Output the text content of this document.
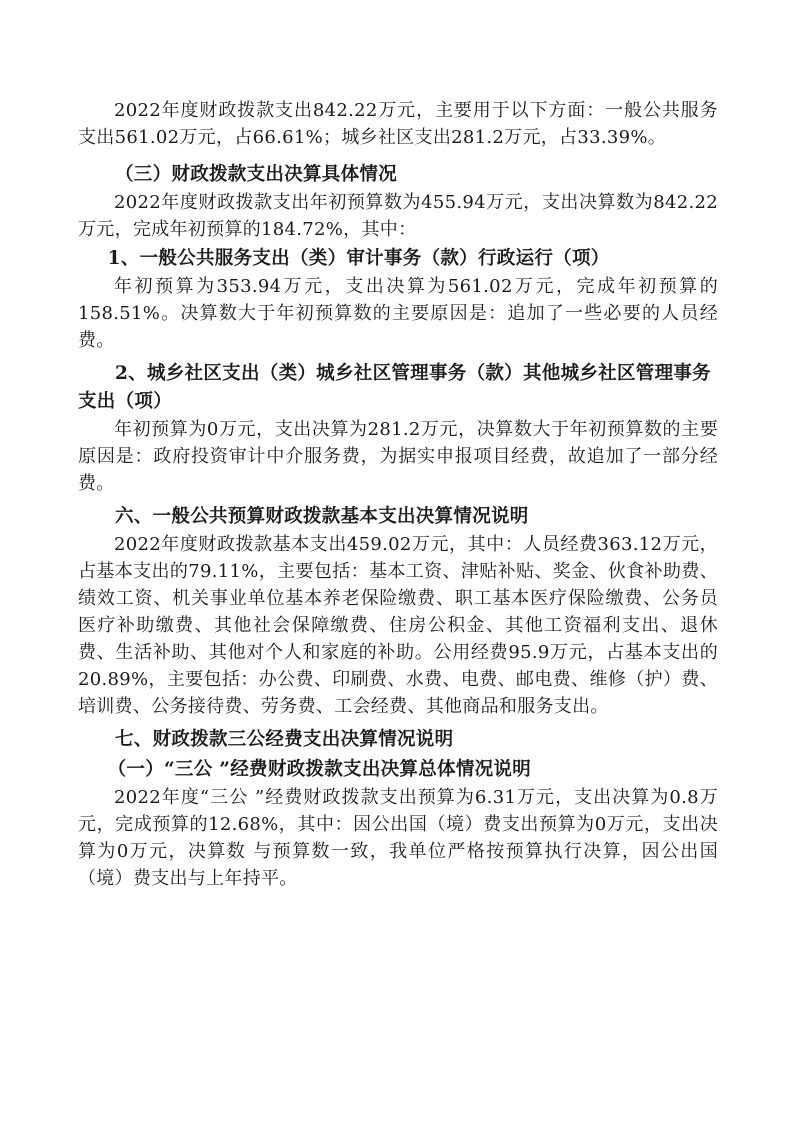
2022年度财政拨款支出842.22万元，主要用于以下方面：一般公共服务支出561.02万元，占66.61%；城乡社区支出281.2万元，占33.39%。

（三）财政拨款支出决算具体情况

2022年度财政拨款支出年初预算数为455.94万元，支出决算数为842.22万元，完成年初预算的184.72%，其中：

1、一般公共服务支出（类）审计事务（款）行政运行（项）

年初预算为353.94万元，支出决算为561.02万元，完成年初预算的158.51%。决算数大于年初预算数的主要原因是：追加了一些必要的人员经费。

2、城乡社区支出（类）城乡社区管理事务（款）其他城乡社区管理事务支出（项）

年初预算为0万元，支出决算为281.2万元，决算数大于年初预算数的主要原因是：政府投资审计中介服务费，为据实申报项目经费，故追加了一部分经费。

六、一般公共预算财政拨款基本支出决算情况说明

2022年度财政拨款基本支出459.02万元，其中：人员经费363.12万元，占基本支出的79.11%，主要包括：基本工资、津贴补贴、奖金、伙食补助费、绩效工资、机关事业单位基本养老保险缴费、职工基本医疗保险缴费、公务员医疗补助缴费、其他社会保障缴费、住房公积金、其他工资福利支出、退休费、生活补助、其他对个人和家庭的补助。公用经费95.9万元，占基本支出的20.89%，主要包括：办公费、印刷费、水费、电费、邮电费、维修（护）费、培训费、公务接待费、劳务费、工会经费、其他商品和服务支出。

七、财政拨款三公经费支出决算情况说明

（一）“三公 ”经费财政拨款支出决算总体情况说明

2022年度“三公 ”经费财政拨款支出预算为6.31万元，支出决算为0.8万元，完成预算的12.68%，其中：因公出国（境）费支出预算为0万元，支出决算为0万元，决算数 与预算数一致，我单位严格按预算执行决算，因公出国（境）费支出与上年持平。
